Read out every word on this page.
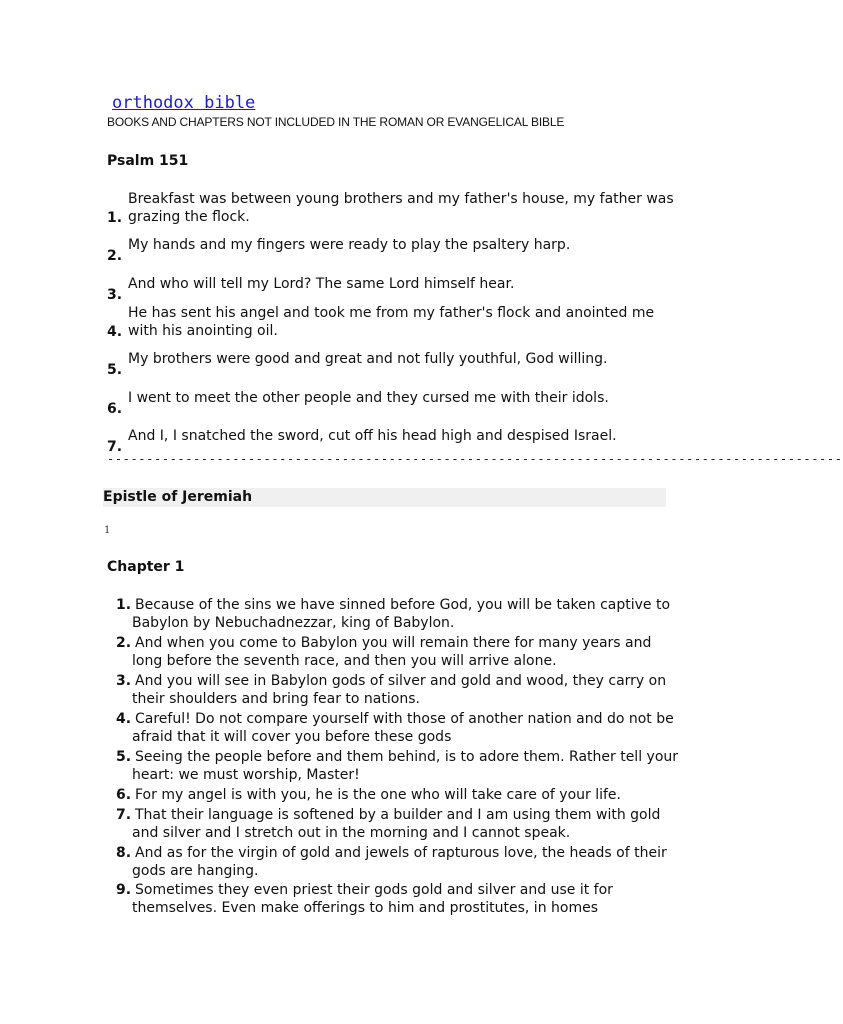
orthodox bible
BOOKS AND CHAPTERS NOT INCLUDED IN THE ROMAN OR EVANGELICAL BIBLE
Psalm 151
1.
Breakfast was between young brothers and my father's house, my father was grazing the flock.
2.
My hands and my fingers were ready to play the psaltery harp.
3.
And who will tell my Lord? The same Lord himself hear.
4.
He has sent his angel and took me from my father's flock and anointed me with his anointing oil.
5.
My brothers were good and great and not fully youthful, God willing.
6.
I went to meet the other people and they cursed me with their idols.
7.
And I, I snatched the sword, cut off his head high and despised Israel.
----------------------------------------------------------------------------------------------
Epistle of Jeremiah
1
Chapter 1
1. Because of the sins we have sinned before God, you will be taken captive to Babylon by Nebuchadnezzar, king of Babylon.
2. And when you come to Babylon you will remain there for many years and long before the seventh race, and then you will arrive alone.
3. And you will see in Babylon gods of silver and gold and wood, they carry on their shoulders and bring fear to nations.
4. Careful! Do not compare yourself with those of another nation and do not be afraid that it will cover you before these gods
5. Seeing the people before and them behind, is to adore them. Rather tell your heart: we must worship, Master!
6. For my angel is with you, he is the one who will take care of your life.
7. That their language is softened by a builder and I am using them with gold and silver and I stretch out in the morning and I cannot speak.
8. And as for the virgin of gold and jewels of rapturous love, the heads of their gods are hanging.
9. Sometimes they even priest their gods gold and silver and use it for themselves. Even make offerings to him and prostitutes, in homes
